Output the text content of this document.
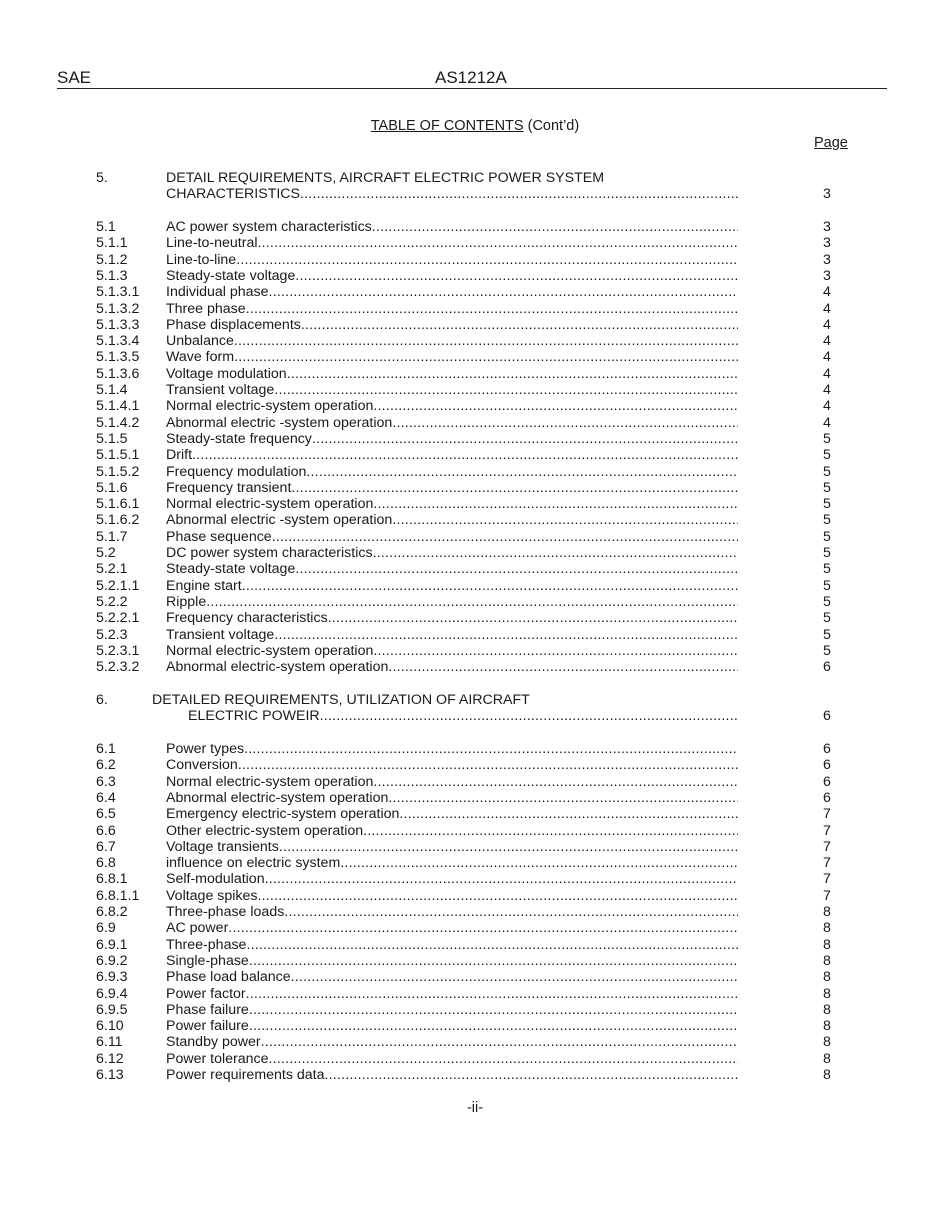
SAE	AS1212A
TABLE OF CONTENTS (Cont’d)
Page
5.	DETAIL REQUIREMENTS, AIRCRAFT ELECTRIC POWER SYSTEM
CHARACTERISTICS .....	3
5.1	AC power system characteristics .....	3
5.1.1	Line-to-neutral .....	3
5.1.2	Line-to-line .....	3
5.1.3	Steady-state voltage .....	3
5.1.3.1 Individual phase .....	4
5.1.3.2 Three phase .....	4
5.1.3.3 Phase displacements .....	4
5.1.3.4 Unbalance .....	4
5.1.3.5 Wave form .....	4
5.1.3.6 Voltage modulation .....	4
5.1.4	Transient voltage .....	4
5.1.4.1 Normal electric-system operation .....	4
5.1.4.2 Abnormal electric -system operation .....	4
5.1.5	Steady-state frequency .....	5
5.1.5.1 Drift .....	5
5.1.5.2 Frequency modulation .....	5
5.1.6	Frequency transient .....	5
5.1.6.1 Normal electric-system operation .....	5
5.1.6.2 Abnormal electric -system operation .....	5
5.1.7	Phase sequence .....	5
5.2	DC power system characteristics .....	5
5.2.1	Steady-state voltage .....	5
5.2.1.1 Engine start .....	5
5.2.2	Ripple .....	5
5.2.2.1 Frequency characteristics .....	5
5.2.3	Transient voltage .....	5
5.2.3.1 Normal electric-system operation .....	5
5.2.3.2 Abnormal electric-system operation .....	6
6.	DETAILED REQUIREMENTS, UTILIZATION OF AIRCRAFT
ELECTRIC POWEIR .....	6
6.1	Power types .....	6
6.2	Conversion .....	6
6.3	Normal electric-system operation .....	6
6.4	Abnormal electric-system operation .....	6
6.5	Emergency electric-system operation .....	7
6.6	Other electric-system operation .....	7
6.7	Voltage transients .....	7
6.8	influence on electric system .....	7
6.8.1	Self-modulation .....	7
6.8.1.1 Voltage spikes .....	7
6.8.2	Three-phase loads .....	8
6.9	AC power .....	8
6.9.1	Three-phase .....	8
6.9.2	Single-phase .....	8
6.9.3	Phase load balance .....	8
6.9.4	Power factor .....	8
6.9.5	Phase failure .....	8
6.10	Power failure .....	8
6.11	Standby power .....	8
6.12	Power tolerance .....	8
6.13	Power requirements data .....	8
-ii-
